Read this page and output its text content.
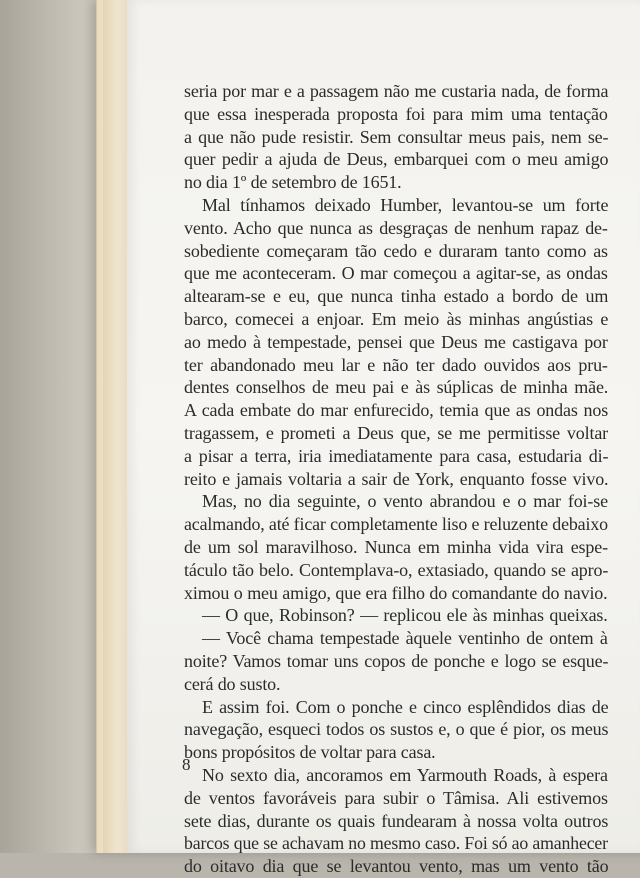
seria por mar e a passagem não me custaria nada, de forma
que essa inesperada proposta foi para mim uma tentação
a que não pude resistir. Sem consultar meus pais, nem se-
quer pedir a ajuda de Deus, embarquei com o meu amigo
no dia 1º de setembro de 1651.
Mal tínhamos deixado Humber, levantou-se um forte
vento. Acho que nunca as desgraças de nenhum rapaz de-
sobediente começaram tão cedo e duraram tanto como as
que me aconteceram. O mar começou a agitar-se, as ondas
altearam-se e eu, que nunca tinha estado a bordo de um
barco, comecei a enjoar. Em meio às minhas angústias e
ao medo à tempestade, pensei que Deus me castigava por
ter abandonado meu lar e não ter dado ouvidos aos pru-
dentes conselhos de meu pai e às súplicas de minha mãe.
A cada embate do mar enfurecido, temia que as ondas nos
tragassem, e prometi a Deus que, se me permitisse voltar
a pisar a terra, iria imediatamente para casa, estudaria di-
reito e jamais voltaria a sair de York, enquanto fosse vivo.
Mas, no dia seguinte, o vento abrandou e o mar foi-se
acalmando, até ficar completamente liso e reluzente debaixo
de um sol maravilhoso. Nunca em minha vida vira espe-
táculo tão belo. Contemplava-o, extasiado, quando se apro-
ximou o meu amigo, que era filho do comandante do navio.
— O que, Robinson? — replicou ele às minhas queixas.
— Você chama tempestade àquele ventinho de ontem à
noite? Vamos tomar uns copos de ponche e logo se esque-
cerá do susto.
E assim foi. Com o ponche e cinco esplêndidos dias de
navegação, esqueci todos os sustos e, o que é pior, os meus
bons propósitos de voltar para casa.
No sexto dia, ancoramos em Yarmouth Roads, à espera
de ventos favoráveis para subir o Tâmisa. Ali estivemos
sete dias, durante os quais fundearam à nossa volta outros
barcos que se achavam no mesmo caso. Foi só ao amanhecer
do oitavo dia que se levantou vento, mas um vento tão
8
